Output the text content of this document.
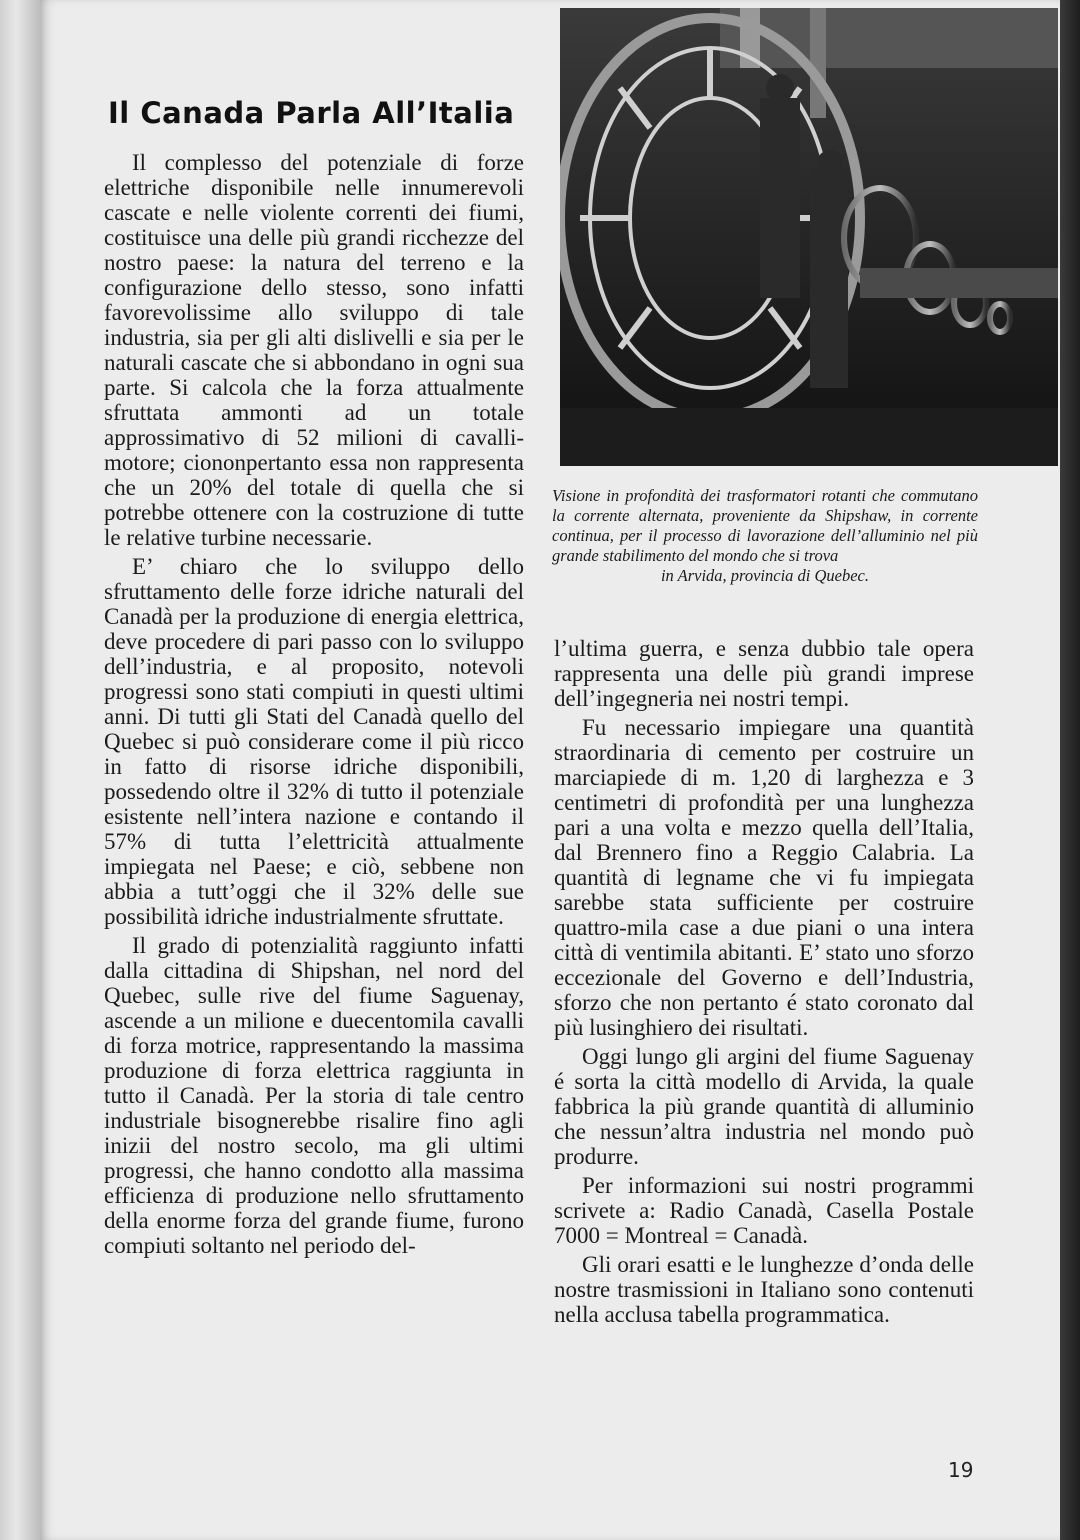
Il Canada Parla All’Italia

Il complesso del potenziale di forze elettriche disponibile nelle innumerevoli cascate e nelle violente correnti dei fiumi, costituisce una delle più grandi ricchezze del nostro paese: la natura del terreno e la configurazione dello stesso, sono infatti favorevolissime allo sviluppo di tale industria, sia per gli alti dislivelli e sia per le naturali cascate che si abbondano in ogni sua parte. Si calcola che la forza attualmente sfruttata ammonti ad un totale approssimativo di 52 milioni di cavalli-motore; ciononpertanto essa non rappresenta che un 20% del totale di quella che si potrebbe ottenere con la costruzione di tutte le relative turbine necessarie.

E’ chiaro che lo sviluppo dello sfruttamento delle forze idriche naturali del Canadà per la produzione di energia elettrica, deve procedere di pari passo con lo sviluppo dell’industria, e al proposito, notevoli progressi sono stati compiuti in questi ultimi anni. Di tutti gli Stati del Canadà quello del Quebec si può considerare come il più ricco in fatto di risorse idriche disponibili, possedendo oltre il 32% di tutto il potenziale esistente nell’intera nazione e contando il 57% di tutta l’elettricità attualmente impiegata nel Paese; e ciò, sebbene non abbia a tutt’oggi che il 32% delle sue possibilità idriche industrialmente sfruttate.

Il grado di potenzialità raggiunto infatti dalla cittadina di Shipshan, nel nord del Quebec, sulle rive del fiume Saguenay, ascende a un milione e duecentomila cavalli di forza motrice, rappresentando la massima produzione di forza elettrica raggiunta in tutto il Canadà. Per la storia di tale centro industriale bisognerebbe risalire fino agli inizii del nostro secolo, ma gli ultimi progressi, che hanno condotto alla massima efficienza di produzione nello sfruttamento della enorme forza del grande fiume, furono compiuti soltanto nel periodo del-

Visione in profondità dei trasformatori rotanti che commutano la corrente alternata, proveniente da Shipshaw, in corrente continua, per il processo di lavorazione dell’alluminio nel più grande stabilimento del mondo che si trova
in Arvida, provincia di Quebec.

l’ultima guerra, e senza dubbio tale opera rappresenta una delle più grandi imprese dell’ingegneria nei nostri tempi.

Fu necessario impiegare una quantità straordinaria di cemento per costruire un marciapiede di m. 1,20 di larghezza e 3 centimetri di profondità per una lunghezza pari a una volta e mezzo quella dell’Italia, dal Brennero fino a Reggio Calabria. La quantità di legname che vi fu impiegata sarebbe stata sufficiente per costruire quattro-mila case a due piani o una intera città di ventimila abitanti. E’ stato uno sforzo eccezionale del Governo e dell’Industria, sforzo che non pertanto é stato coronato dal più lusinghiero dei risultati.

Oggi lungo gli argini del fiume Saguenay é sorta la città modello di Arvida, la quale fabbrica la più grande quantità di alluminio che nessun’altra industria nel mondo può produrre.

Per informazioni sui nostri programmi scrivete a: Radio Canadà, Casella Postale 7000 = Montreal = Canadà.

Gli orari esatti e le lunghezze d’onda delle nostre trasmissioni in Italiano sono contenuti nella acclusa tabella programmatica.

19
